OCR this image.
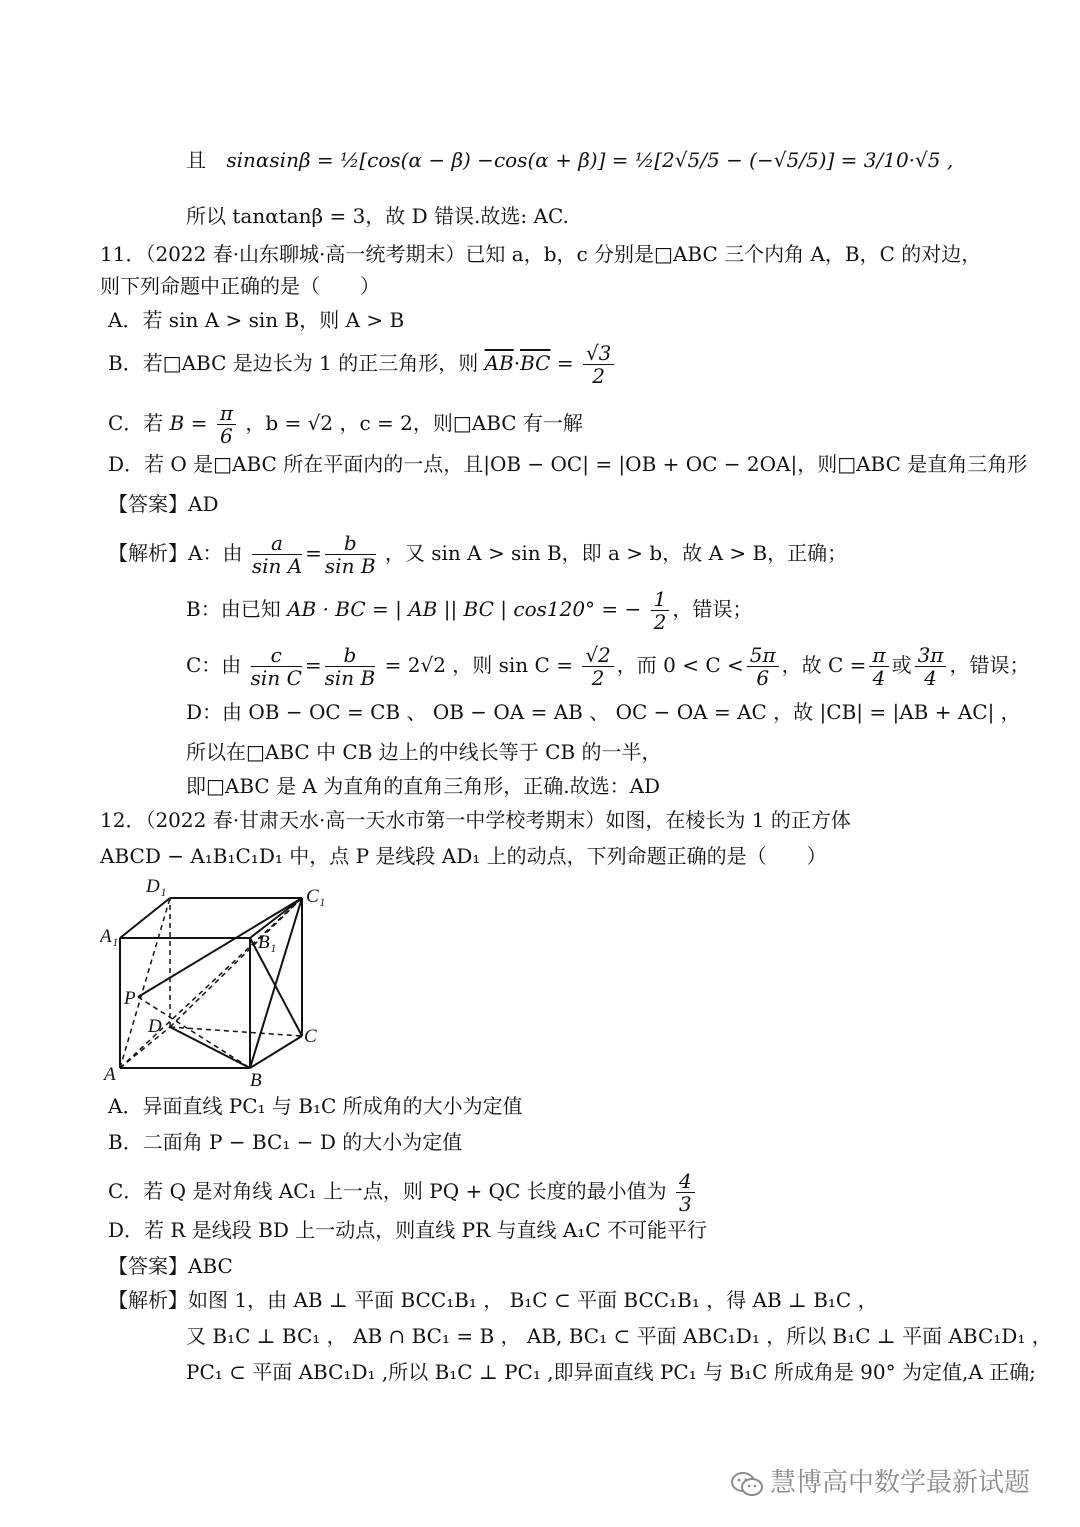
且 sinαsinβ = ½[cos(α − β) −cos(α + β)] = ½[2√5/5 − (−√5/5)] = 3/10·√5 ,
所以 tanαtanβ = 3，故 D 错误.故选: AC.
11．（2022 春·山东聊城·高一统考期末）已知 a，b，c 分别是□ABC 三个内角 A，B，C 的对边，
则下列命题中正确的是（　　）
A．若 sin A > sin B，则 A > B
B．若□ABC 是边长为 1 的正三角形，则 $\overline{AB}\cdot\overline{BC} = \frac{√3}{2}$
C．若 $B = \frac{\pi}{6}$ ，b = √2 ，c = 2，则□ABC 有一解
D．若 O 是□ABC 所在平面内的一点，且|OB − OC| = |OB + OC − 2OA|，则□ABC 是直角三角形
【答案】AD
【解析】A：由 $\frac{a}{\text{sin A}} = \frac{b}{\text{sin B}}$ ，又 sin A > sin B，即 a > b，故 A > B，正确；
B：由已知 AB · BC = | AB || BC | cos120° = − $\frac{1}{2}$ ，错误；
C：由 $\frac{c}{\text{sin C}} = \frac{b}{\text{sin B}} = 2√2$ ，则 $\sin C = \frac{√2}{2}$ ，而 $0 < C < \frac{5\pi}{6}$ ，故 $C = \frac{\pi}{4}$ 或 $\frac{3\pi}{4}$ ，错误；
D：由 OB − OC = CB 、 OB − OA = AB 、 OC − OA = AC ，故 |CB| = |AB + AC| ，
所以在□ABC 中 CB 边上的中线长等于 CB 的一半，
即□ABC 是 A 为直角的直角三角形，正确.故选：AD
12．（2022 春·甘肃天水·高一天水市第一中学校考期末）如图，在棱长为 1 的正方体
ABCD − A₁B₁C₁D₁ 中，点 P 是线段 AD₁ 上的动点，下列命题正确的是（　　）
D₁	C₁
A₁	B₁
P
D	C
A	B
A．异面直线 PC₁ 与 B₁C 所成角的大小为定值
B．二面角 P − BC₁ − D 的大小为定值
C．若 Q 是对角线 AC₁ 上一点，则 PQ + QC 长度的最小值为 $\frac{4}{3}$
D．若 R 是线段 BD 上一动点，则直线 PR 与直线 A₁C 不可能平行
【答案】ABC
【解析】如图 1，由 AB ⊥ 平面 BCC₁B₁ ， B₁C ⊂ 平面 BCC₁B₁ ，得 AB ⊥ B₁C ，
又 B₁C ⊥ BC₁ ， AB ∩ BC₁ = B ， AB, BC₁ ⊂ 平面 ABC₁D₁ ，所以 B₁C ⊥ 平面 ABC₁D₁ ，
PC₁ ⊂ 平面 ABC₁D₁ ,所以 B₁C ⊥ PC₁ ,即异面直线 PC₁ 与 B₁C 所成角是 90° 为定值,A 正确;
慧博高中数学最新试题
